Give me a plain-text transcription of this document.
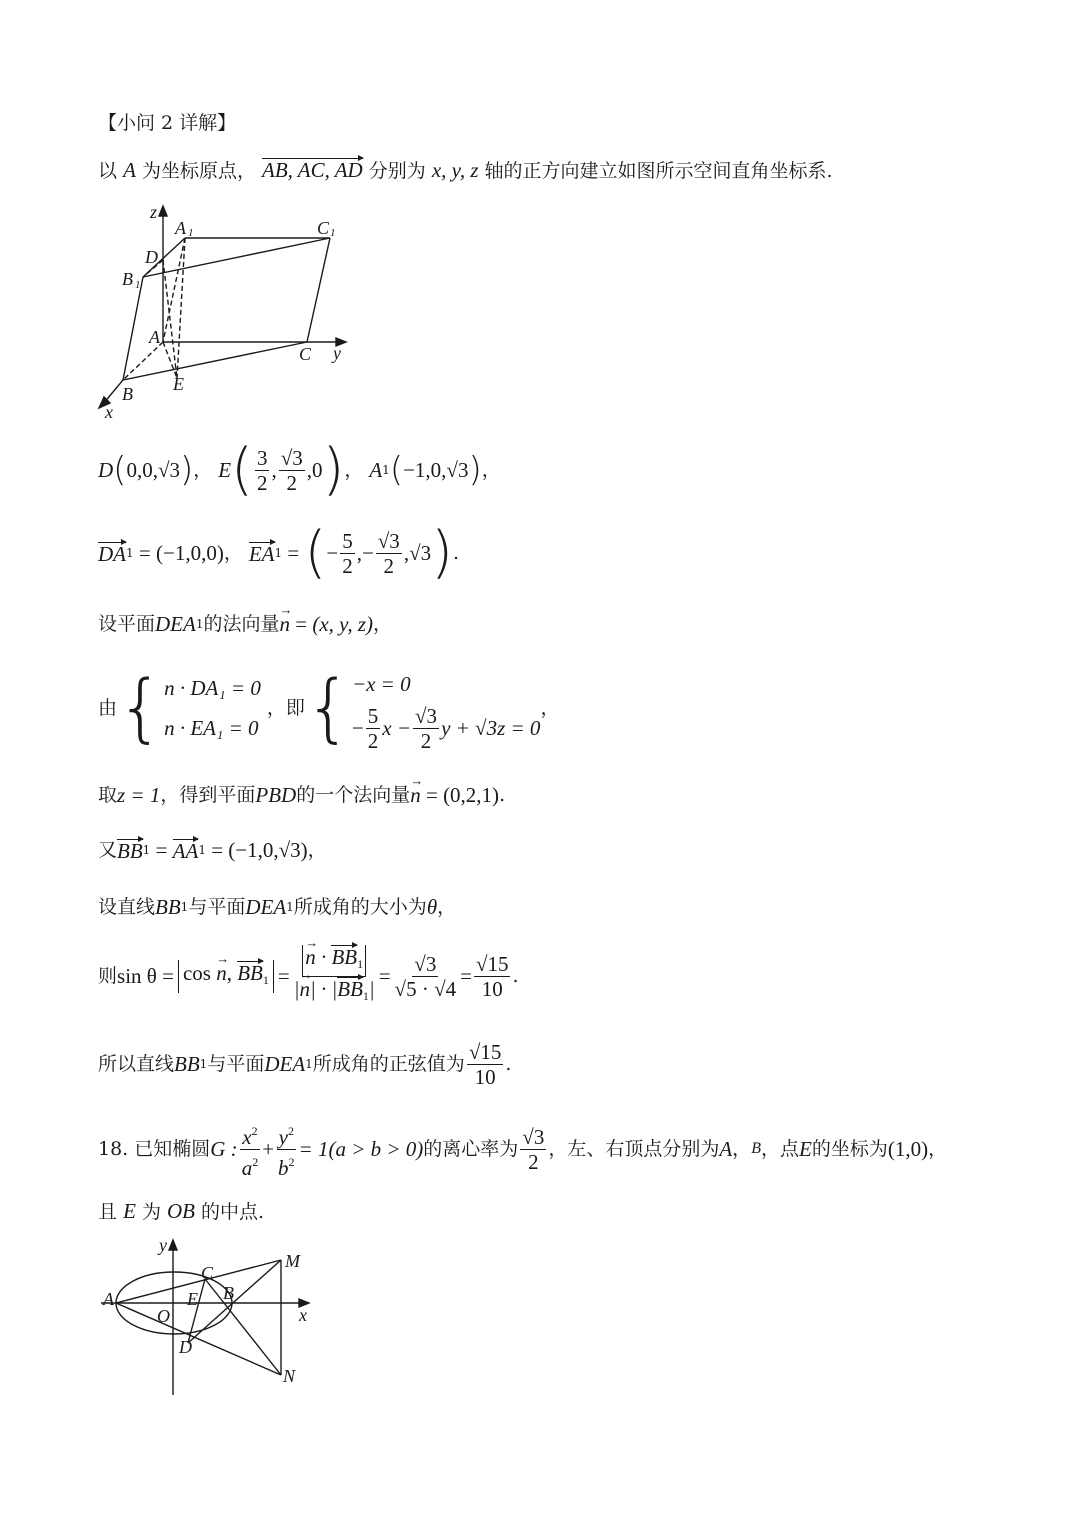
【小问 2 详解】
以 A 为坐标原点， AB, AC, AD 分别为 x, y, z 轴的正方向建立如图所示空间直角坐标系.
z
A 1	C 1
D
B 1
A
C y
E
B
x
D ( 0,0,√3 ) ， E ( $\frac{3}{2}$ , $\frac{√3}{2}$ , 0 ) ， A 1 ( −1,0,√3 ) ，
DA 1 = (−1,0,0) ， EA 1 = ( − $\frac{5}{2}$ ,− $\frac{√3}{2}$ , √3 ) .
设平面 DEA 1 的法向量 → n = (x, y, z) ，
由 { n · DA₁ = 0
n · EA₁ = 0
，即 { −x = 0
− $\frac{5}{2}$ $x - \frac{√3}{2}$ y + √3z = 0
，
取 z = 1 ，得到平面 PBD 的一个法向量 → n = (0,2,1) .
又 BB 1 = AA 1 = (−1,0,√3) ，
设直线 BB 1 与平面 DEA 1 所成角的大小为 θ ，
则 sin θ = cos → n, $BB_1$ = → $\frac{n \cdot BB_1}{|\to n| \cdot |BB_1|} = \frac{√3}{√5 \cdot √4} = \frac{√15}{10}$ .
所以直线 BB 1 与平面 DEA 1 所成角的正弦值为 $\frac{√15}{10}$ .
18. 已知椭圆 G : $\frac{x^2}{a^2} + \frac{y^2}{b^2} = 1(a > b > 0)$ 的离心率为 $\frac{√3}{2}$ ，左、右顶点分别为 A ， B ，点 E 的坐标为 (1,0) ，
且 E 为 OB 的中点.
y
M
C
A	E B
O	x
D
N
